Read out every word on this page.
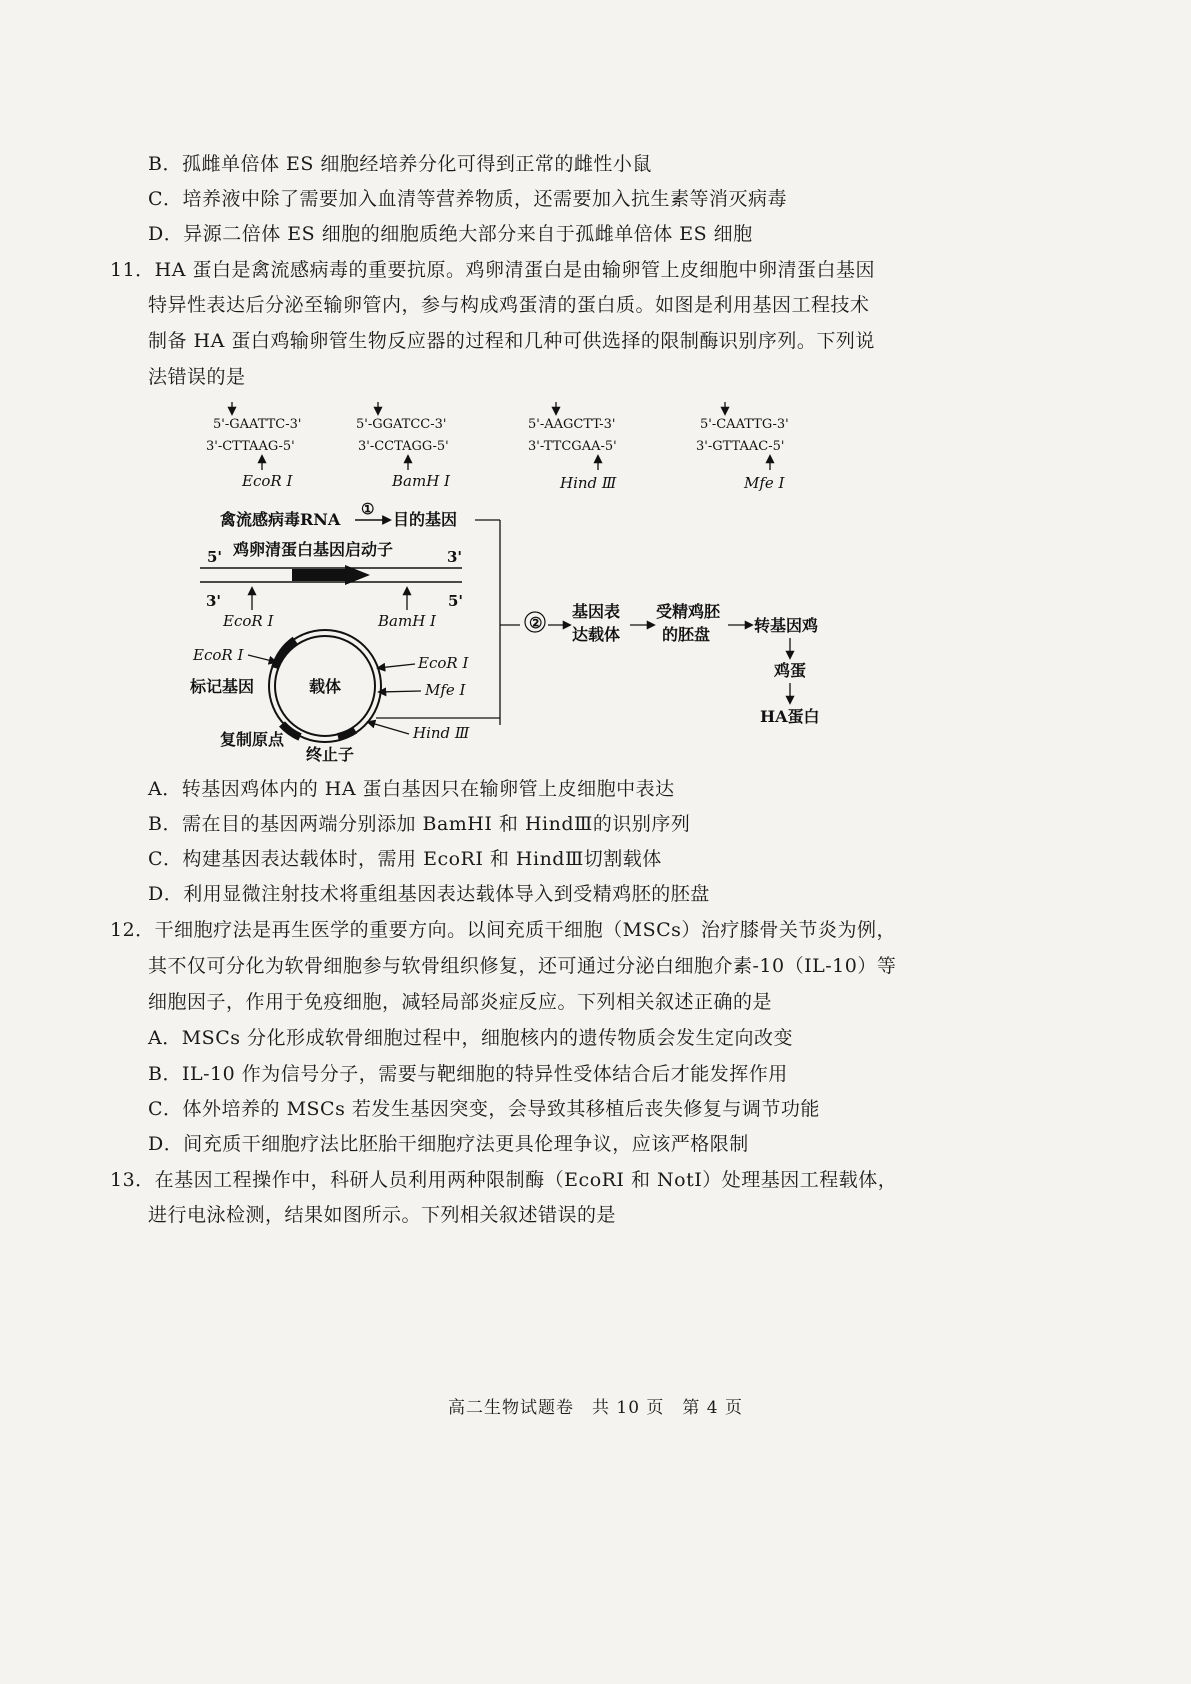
B．孤雌单倍体 ES 细胞经培养分化可得到正常的雌性小鼠
C．培养液中除了需要加入血清等营养物质，还需要加入抗生素等消灭病毒
D．异源二倍体 ES 细胞的细胞质绝大部分来自于孤雌单倍体 ES 细胞
11．HA 蛋白是禽流感病毒的重要抗原。鸡卵清蛋白是由输卵管上皮细胞中卵清蛋白基因
特异性表达后分泌至输卵管内，参与构成鸡蛋清的蛋白质。如图是利用基因工程技术
制备 HA 蛋白鸡输卵管生物反应器的过程和几种可供选择的限制酶识别序列。下列说
法错误的是
5'-GAATTC-3'
3'-CTTAAG-5'
EcoR Ⅰ
5'-GGATCC-3'
3'-CCTAGG-5'
BamH Ⅰ
5'-AAGCTT-3'
3'-TTCGAA-5'
Hind Ⅲ
5'-CAATTG-3'
3'-GTTAAC-5'
Mfe Ⅰ
禽流感病毒RNA
①
目的基因
鸡卵清蛋白基因启动子
5'	3'
3'	5'
EcoR Ⅰ	BamH Ⅰ
载体
EcoR Ⅰ
标记基因
EcoR Ⅰ
Mfe Ⅰ
Hind Ⅲ
复制原点
终止子
②
基因表
达载体
受精鸡胚
的胚盘	转基因鸡
鸡蛋
HA蛋白
A．转基因鸡体内的 HA 蛋白基因只在输卵管上皮细胞中表达
B．需在目的基因两端分别添加 BamHI 和 HindⅢ的识别序列
C．构建基因表达载体时，需用 EcoRI 和 HindⅢ切割载体
D．利用显微注射技术将重组基因表达载体导入到受精鸡胚的胚盘
12．干细胞疗法是再生医学的重要方向。以间充质干细胞（MSCs）治疗膝骨关节炎为例，
其不仅可分化为软骨细胞参与软骨组织修复，还可通过分泌白细胞介素-10（IL-10）等
细胞因子，作用于免疫细胞，减轻局部炎症反应。下列相关叙述正确的是
A．MSCs 分化形成软骨细胞过程中，细胞核内的遗传物质会发生定向改变
B．IL-10 作为信号分子，需要与靶细胞的特异性受体结合后才能发挥作用
C．体外培养的 MSCs 若发生基因突变，会导致其移植后丧失修复与调节功能
D．间充质干细胞疗法比胚胎干细胞疗法更具伦理争议，应该严格限制
13．在基因工程操作中，科研人员利用两种限制酶（EcoRI 和 NotI）处理基因工程载体，
进行电泳检测，结果如图所示。下列相关叙述错误的是
高二生物试题卷　共 10 页　第 4 页
